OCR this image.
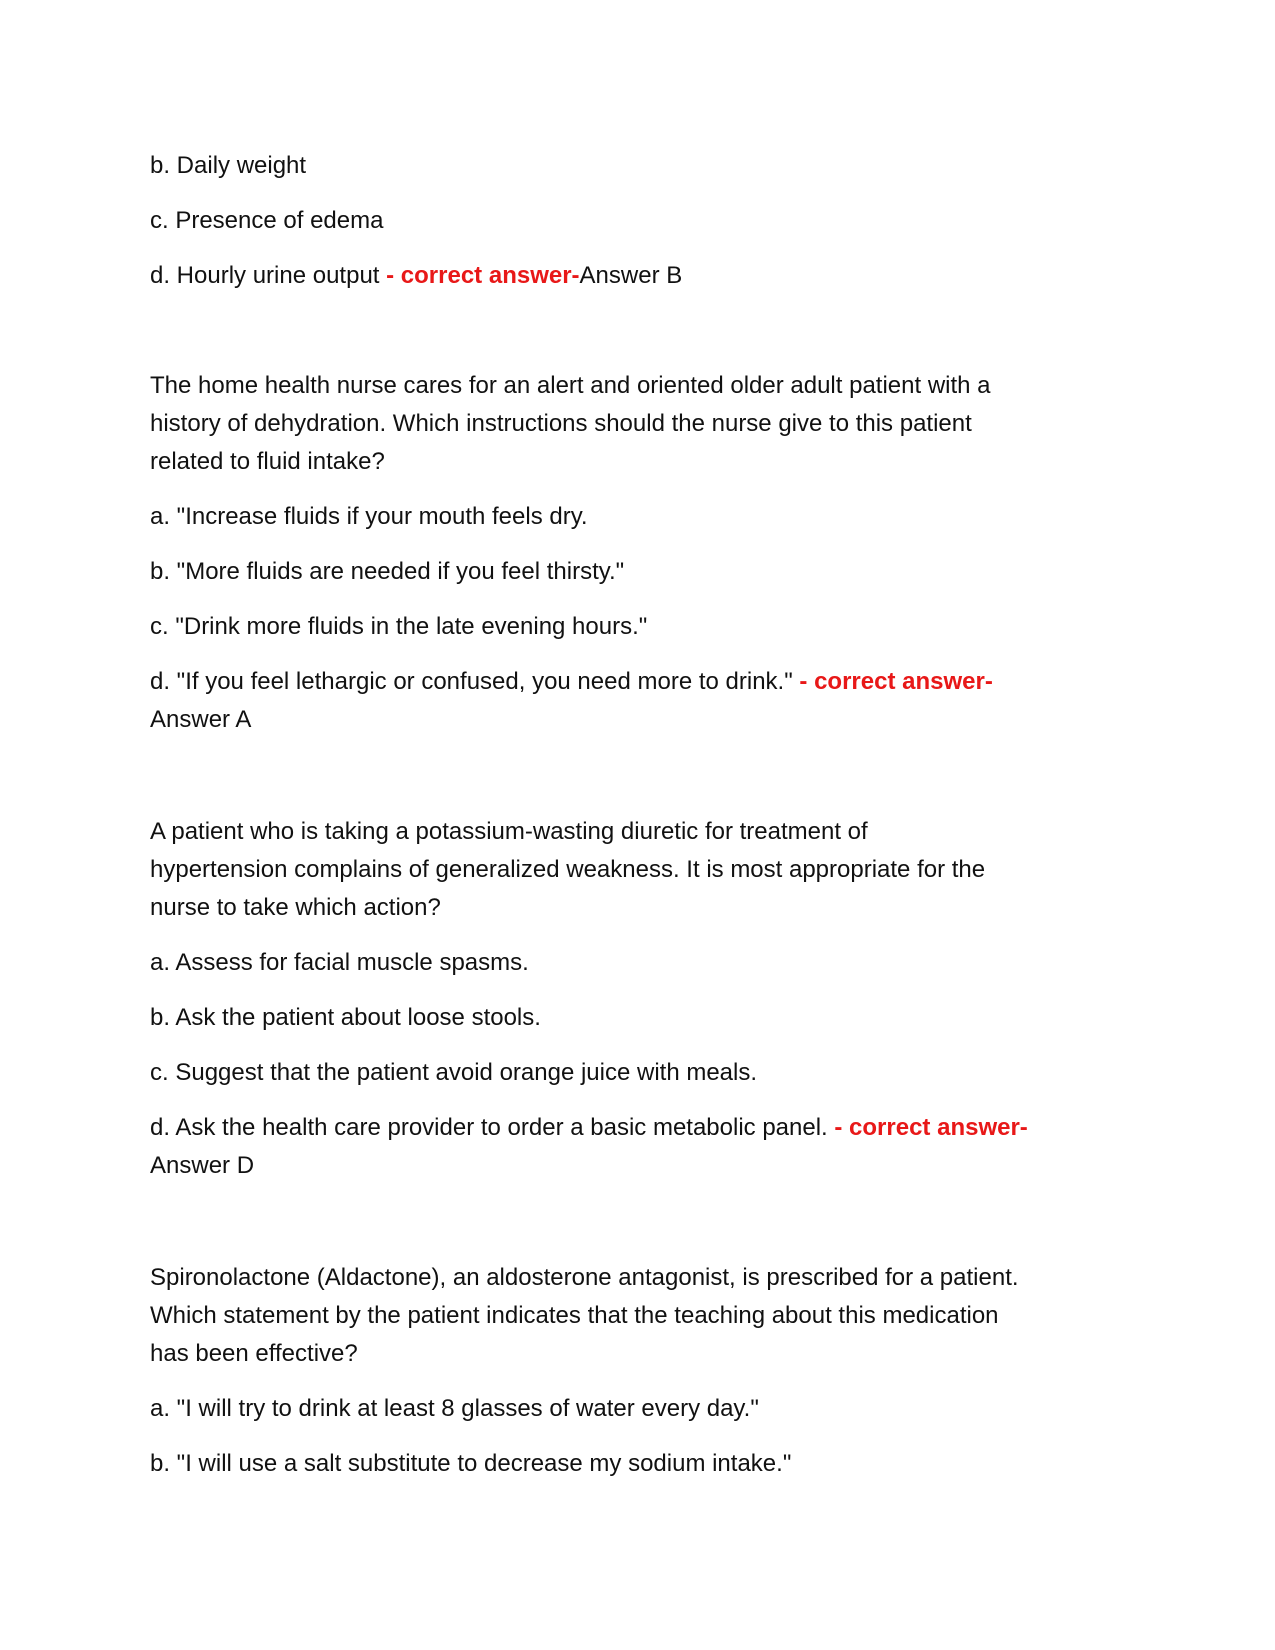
b. Daily weight
c. Presence of edema
d. Hourly urine output - correct answer-Answer B
The home health nurse cares for an alert and oriented older adult patient with a
history of dehydration. Which instructions should the nurse give to this patient
related to fluid intake?
a. "Increase fluids if your mouth feels dry.
b. "More fluids are needed if you feel thirsty."
c. "Drink more fluids in the late evening hours."
d. "If you feel lethargic or confused, you need more to drink." - correct answer-
Answer A
A patient who is taking a potassium-wasting diuretic for treatment of
hypertension complains of generalized weakness. It is most appropriate for the
nurse to take which action?
a. Assess for facial muscle spasms.
b. Ask the patient about loose stools.
c. Suggest that the patient avoid orange juice with meals.
d. Ask the health care provider to order a basic metabolic panel. - correct answer-
Answer D
Spironolactone (Aldactone), an aldosterone antagonist, is prescribed for a patient.
Which statement by the patient indicates that the teaching about this medication
has been effective?
a. "I will try to drink at least 8 glasses of water every day."
b. "I will use a salt substitute to decrease my sodium intake."
